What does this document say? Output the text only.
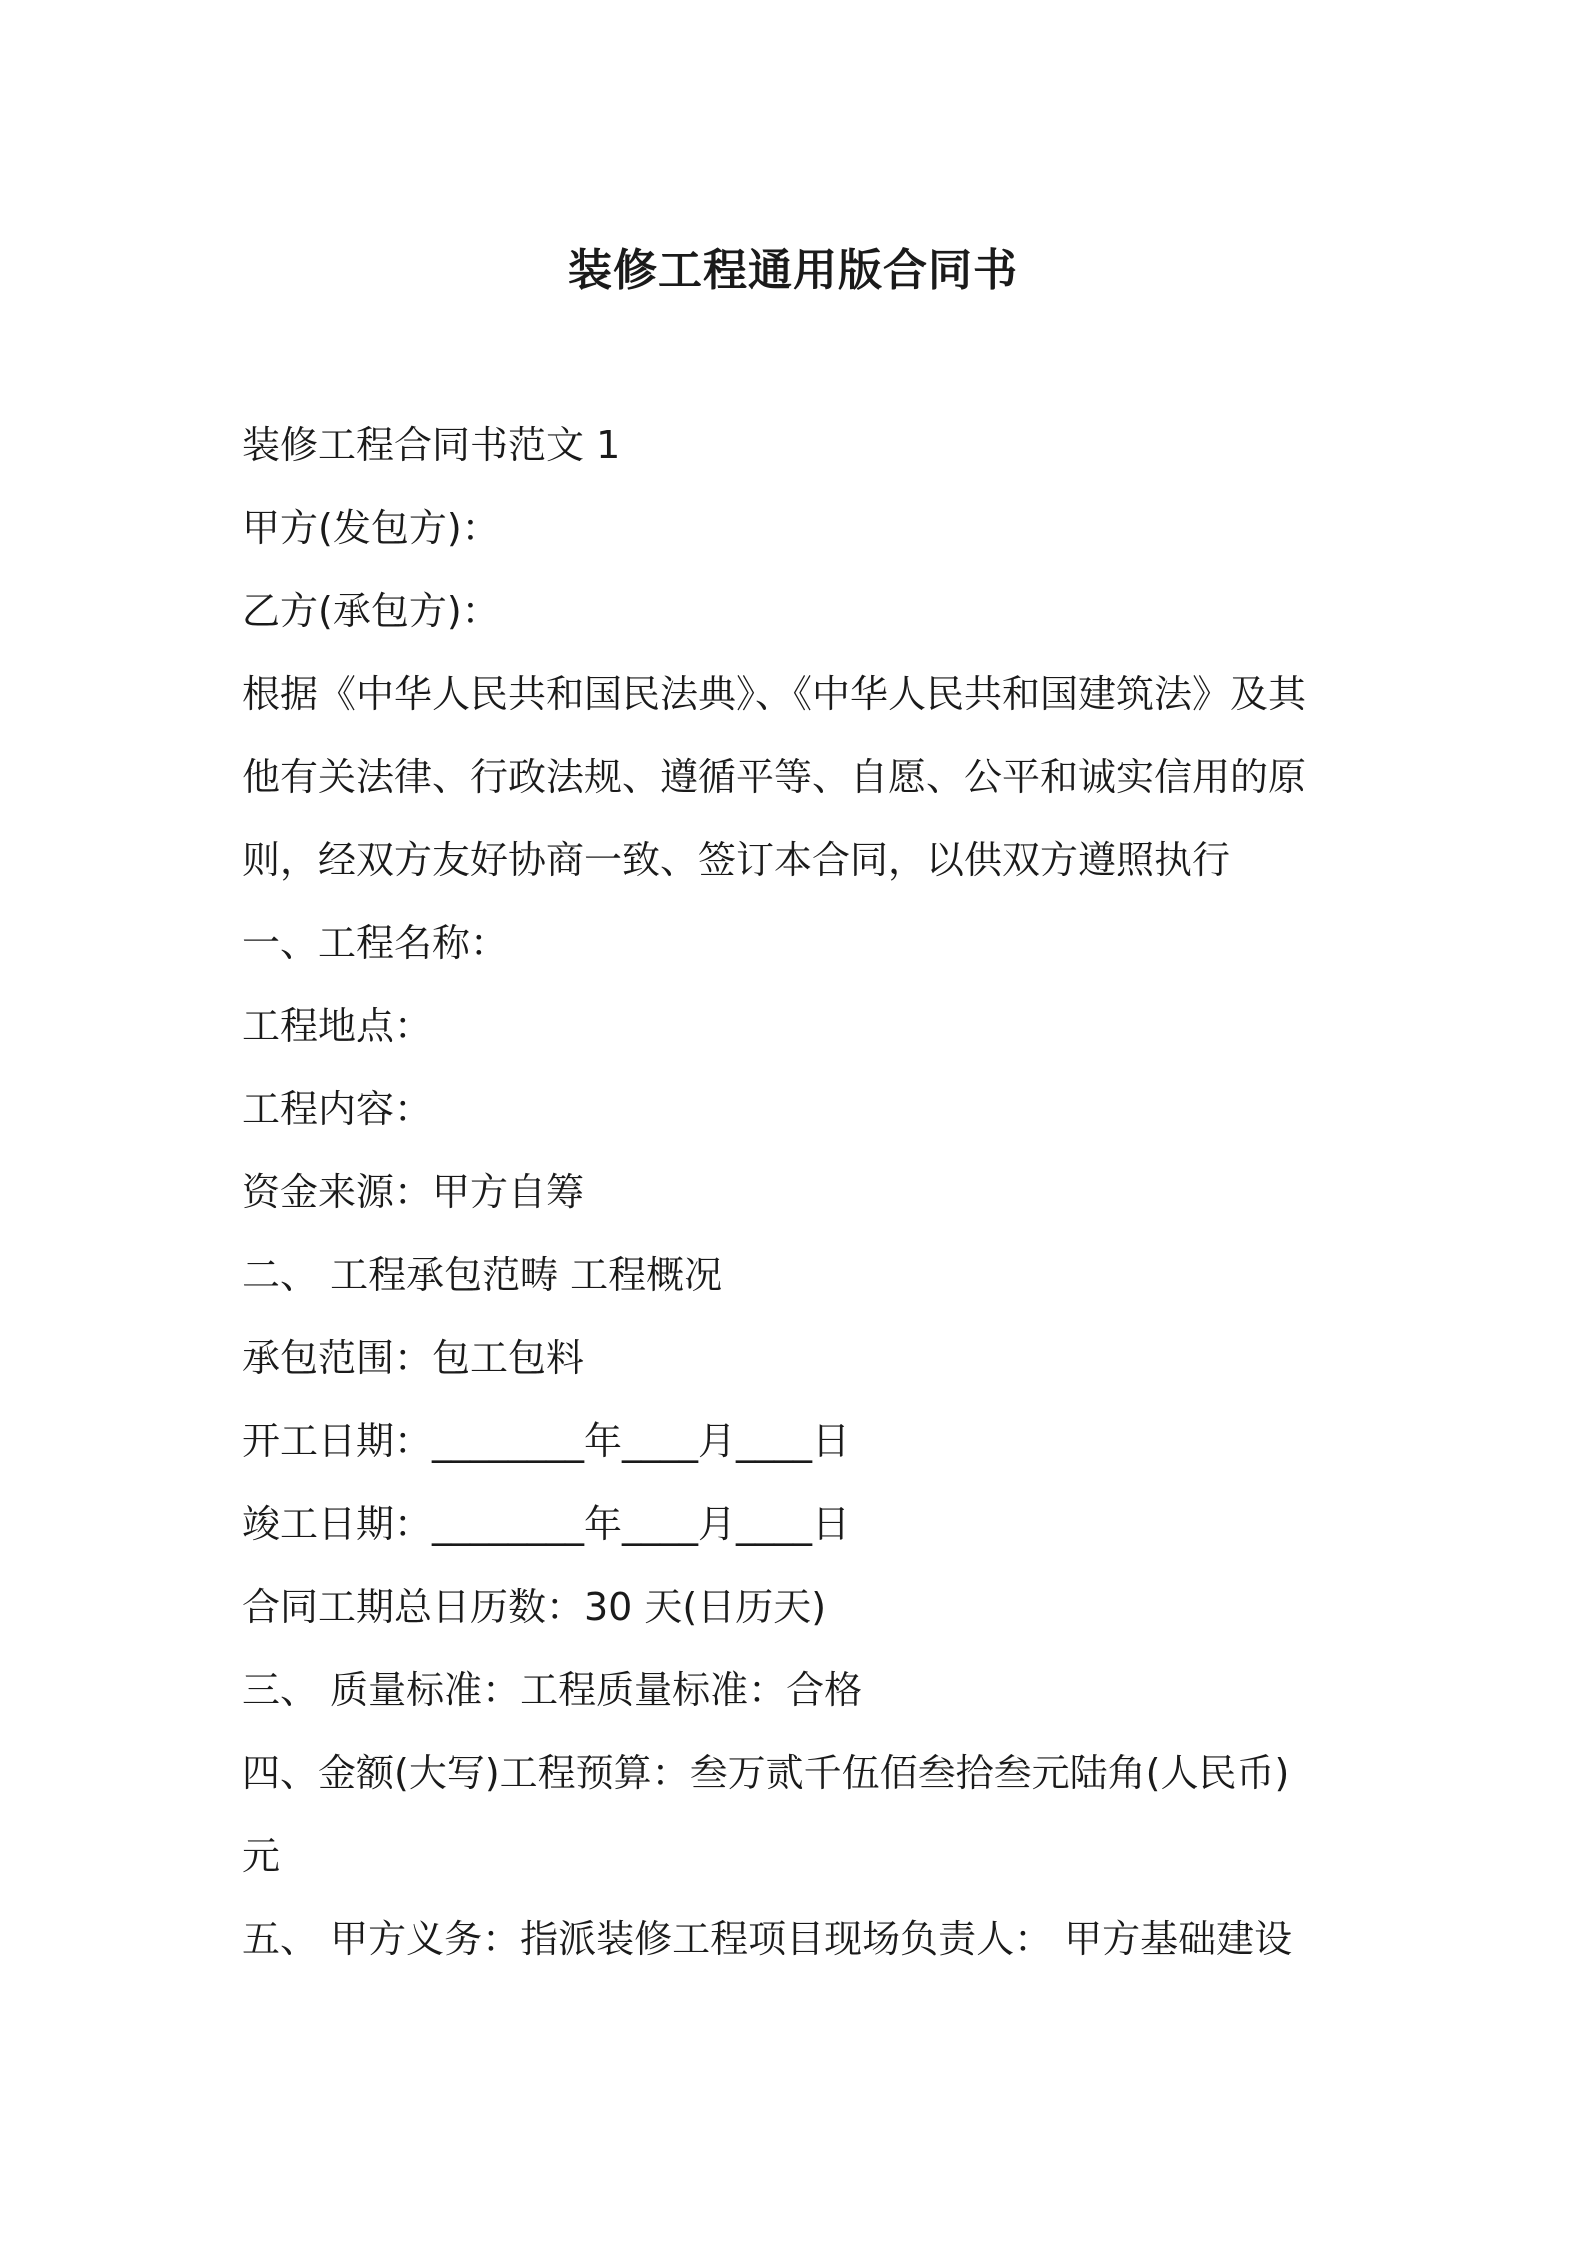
装修工程通用版合同书

装修工程合同书范文 1

甲方(发包方)：

乙方(承包方)：

根据《中华人民共和国民法典》、《中华人民共和国建筑法》及其

他有关法律、行政法规、遵循平等、自愿、公平和诚实信用的原

则，经双方友好协商一致、签订本合同，以供双方遵照执行

一、工程名称：

工程地点：

工程内容：

资金来源：甲方自筹

二、 工程承包范畴 工程概况

承包范围：包工包料

开工日期：________年____月____日

竣工日期：________年____月____日

合同工期总日历数：30 天(日历天)

三、 质量标准：工程质量标准：合格

四、金额(大写)工程预算：叁万贰千伍佰叁拾叁元陆角(人民币)

元

五、 甲方义务：指派装修工程项目现场负责人： 甲方基础建设
